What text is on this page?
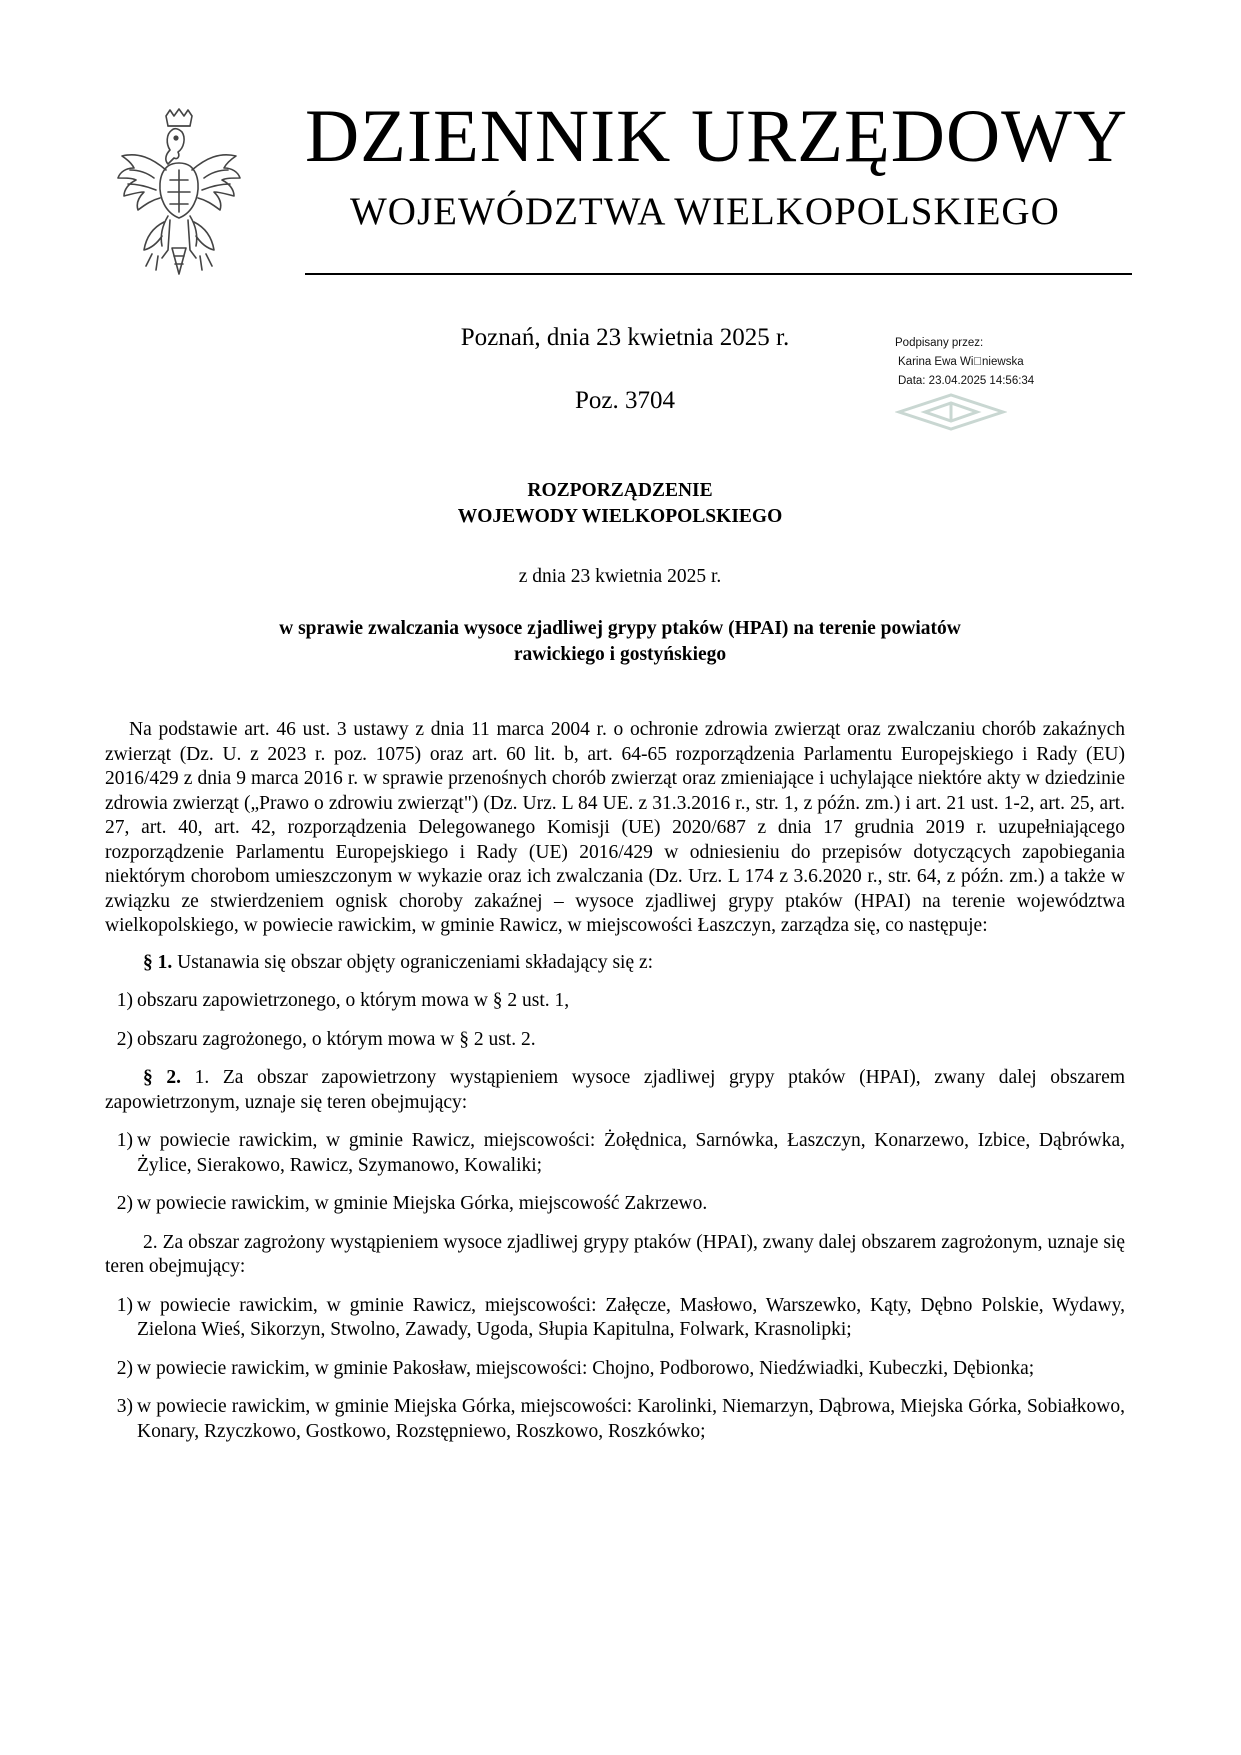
DZIENNIK URZĘDOWY
WOJEWÓDZTWA WIELKOPOLSKIEGO
Poznań, dnia 23 kwietnia 2025 r.
Poz. 3704
Podpisany przez:
Karina Ewa Wi niewska
Data: 23.04.2025 14:56:34
ROZPORZĄDZENIE
WOJEWODY WIELKOPOLSKIEGO
z dnia 23 kwietnia 2025 r.
w sprawie zwalczania wysoce zjadliwej grypy ptaków (HPAI) na terenie powiatów
rawickiego i gostyńskiego

Na podstawie art. 46 ust. 3 ustawy z dnia 11 marca 2004 r. o ochronie zdrowia zwierząt oraz zwalczaniu chorób zakaźnych zwierząt (Dz. U. z 2023 r. poz. 1075) oraz art. 60 lit. b, art. 64-65 rozporządzenia Parlamentu Europejskiego i Rady (EU) 2016/429 z dnia 9 marca 2016 r. w sprawie przenośnych chorób zwierząt oraz zmieniające i uchylające niektóre akty w dziedzinie zdrowia zwierząt („Prawo o zdrowiu zwierząt") (Dz. Urz. L 84 UE. z 31.3.2016 r., str. 1, z późn. zm.) i art. 21 ust. 1-2, art. 25, art. 27, art. 40, art. 42, rozporządzenia Delegowanego Komisji (UE) 2020/687 z dnia 17 grudnia 2019 r. uzupełniającego rozporządzenie Parlamentu Europejskiego i Rady (UE) 2016/429 w odniesieniu do przepisów dotyczących zapobiegania niektórym chorobom umieszczonym w wykazie oraz ich zwalczania (Dz. Urz. L 174 z 3.6.2020 r., str. 64, z późn. zm.) a także w związku ze stwierdzeniem ognisk choroby zakaźnej – wysoce zjadliwej grypy ptaków (HPAI) na terenie województwa wielkopolskiego, w powiecie rawickim, w gminie Rawicz, w miejscowości Łaszczyn, zarządza się, co następuje:

§ 1. Ustanawia się obszar objęty ograniczeniami składający się z:

1) obszaru zapowietrzonego, o którym mowa w § 2 ust. 1,
2) obszaru zagrożonego, o którym mowa w § 2 ust. 2.

§ 2. 1. Za obszar zapowietrzony wystąpieniem wysoce zjadliwej grypy ptaków (HPAI), zwany dalej obszarem zapowietrzonym, uznaje się teren obejmujący:

1) w powiecie rawickim, w gminie Rawicz, miejscowości: Żołędnica, Sarnówka, Łaszczyn, Konarzewo, Izbice, Dąbrówka, Żylice, Sierakowo, Rawicz, Szymanowo, Kowaliki;
2) w powiecie rawickim, w gminie Miejska Górka, miejscowość Zakrzewo.

2. Za obszar zagrożony wystąpieniem wysoce zjadliwej grypy ptaków (HPAI), zwany dalej obszarem zagrożonym, uznaje się teren obejmujący:

1) w powiecie rawickim, w gminie Rawicz, miejscowości: Załęcze, Masłowo, Warszewko, Kąty, Dębno Polskie, Wydawy, Zielona Wieś, Sikorzyn, Stwolno, Zawady, Ugoda, Słupia Kapitulna, Folwark, Krasnolipki;
2) w powiecie rawickim, w gminie Pakosław, miejscowości: Chojno, Podborowo, Niedźwiadki, Kubeczki, Dębionka;
3) w powiecie rawickim, w gminie Miejska Górka, miejscowości: Karolinki, Niemarzyn, Dąbrowa, Miejska Górka, Sobiałkowo, Konary, Rzyczkowo, Gostkowo, Rozstępniewo, Roszkowo, Roszkówko;
